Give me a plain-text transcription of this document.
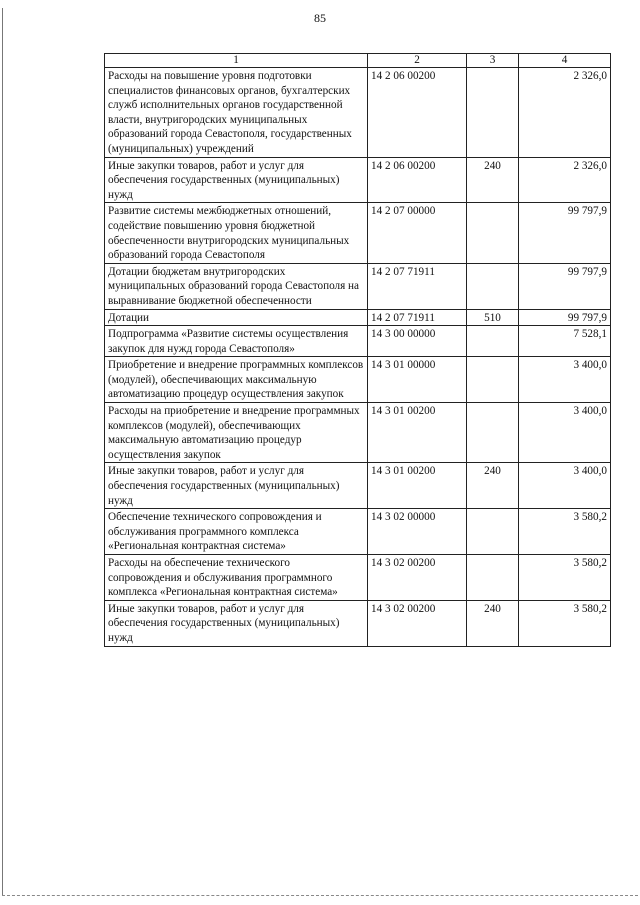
85
1	2	3	4
Расходы на повышение уровня подготовки специалистов финансовых органов, бухгалтерских служб исполнительных органов государственной власти, внутригородских муниципальных образований города Севастополя, государственных (муниципальных) учреждений	14 2 06 00200		2 326,0
Иные закупки товаров, работ и услуг для обеспечения государственных (муниципальных) нужд	14 2 06 00200	240	2 326,0
Развитие системы межбюджетных отношений, содействие повышению уровня бюджетной обеспеченности внутригородских муниципальных образований города Севастополя	14 2 07 00000		99 797,9
Дотации бюджетам внутригородских муниципальных образований города Севастополя на выравнивание бюджетной обеспеченности	14 2 07 71911		99 797,9
Дотации	14 2 07 71911	510	99 797,9
Подпрограмма «Развитие системы осуществления закупок для нужд города Севастополя»	14 3 00 00000		7 528,1
Приобретение и внедрение программных комплексов (модулей), обеспечивающих максимальную автоматизацию процедур осуществления закупок	14 3 01 00000		3 400,0
Расходы на приобретение и внедрение программных комплексов (модулей), обеспечивающих максимальную автоматизацию процедур осуществления закупок	14 3 01 00200		3 400,0
Иные закупки товаров, работ и услуг для обеспечения государственных (муниципальных) нужд	14 3 01 00200	240	3 400,0
Обеспечение технического сопровождения и обслуживания программного комплекса «Региональная контрактная система»	14 3 02 00000		3 580,2
Расходы на обеспечение технического сопровождения и обслуживания программного комплекса «Региональная контрактная система»	14 3 02 00200		3 580,2
Иные закупки товаров, работ и услуг для обеспечения государственных (муниципальных) нужд	14 3 02 00200	240	3 580,2
